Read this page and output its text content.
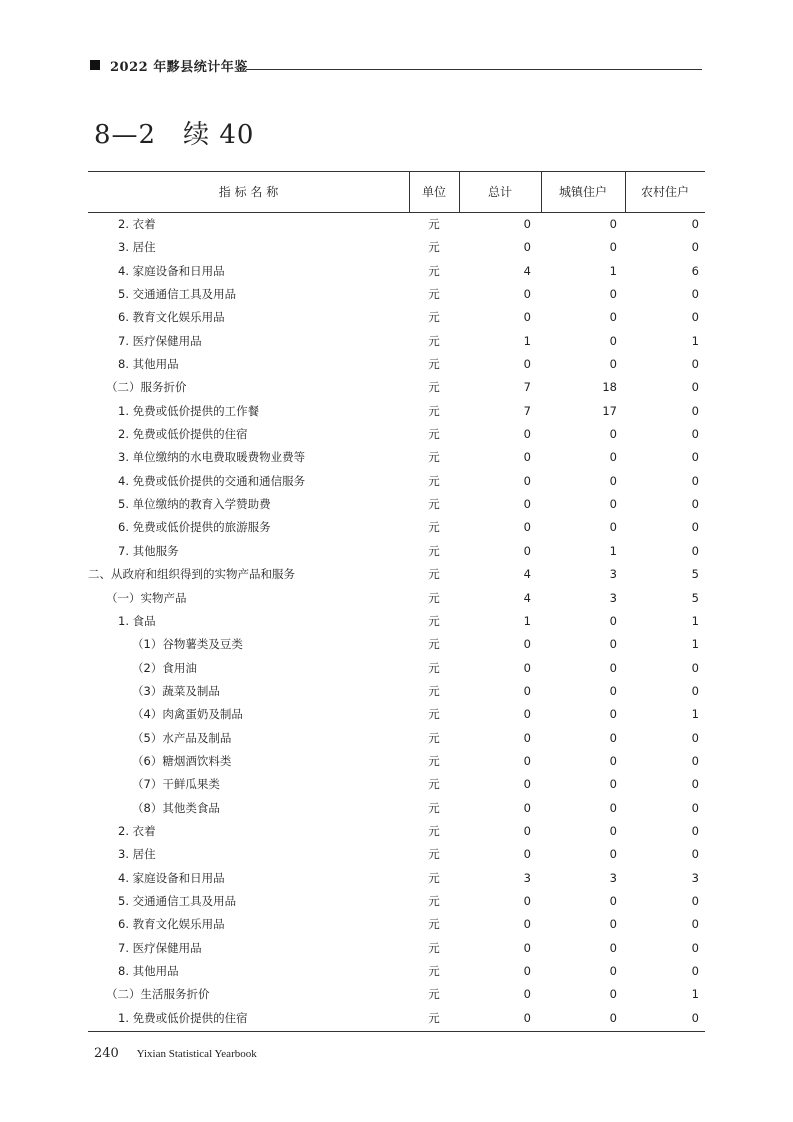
2022 年黟县统计年鉴
8—2　续 40
指 标 名 称	单位	总计	城镇住户	农村住户
2. 衣着	元	0	0	0
3. 居住	元	0	0	0
4. 家庭设备和日用品	元	4	1	6
5. 交通通信工具及用品	元	0	0	0
6. 教育文化娱乐用品	元	0	0	0
7. 医疗保健用品	元	1	0	1
8. 其他用品	元	0	0	0
（二）服务折价	元	7	18	0
1. 免费或低价提供的工作餐	元	7	17	0
2. 免费或低价提供的住宿	元	0	0	0
3. 单位缴纳的水电费取暖费物业费等	元	0	0	0
4. 免费或低价提供的交通和通信服务	元	0	0	0
5. 单位缴纳的教育入学赞助费	元	0	0	0
6. 免费或低价提供的旅游服务	元	0	0	0
7. 其他服务	元	0	1	0
二、从政府和组织得到的实物产品和服务	元	4	3	5
（一）实物产品	元	4	3	5
1. 食品	元	1	0	1
（1）谷物薯类及豆类	元	0	0	1
（2）食用油	元	0	0	0
（3）蔬菜及制品	元	0	0	0
（4）肉禽蛋奶及制品	元	0	0	1
（5）水产品及制品	元	0	0	0
（6）糖烟酒饮料类	元	0	0	0
（7）干鲜瓜果类	元	0	0	0
（8）其他类食品	元	0	0	0
2. 衣着	元	0	0	0
3. 居住	元	0	0	0
4. 家庭设备和日用品	元	3	3	3
5. 交通通信工具及用品	元	0	0	0
6. 教育文化娱乐用品	元	0	0	0
7. 医疗保健用品	元	0	0	0
8. 其他用品	元	0	0	0
（二）生活服务折价	元	0	0	1
1. 免费或低价提供的住宿	元	0	0	0
240 Yixian Statistical Yearbook
